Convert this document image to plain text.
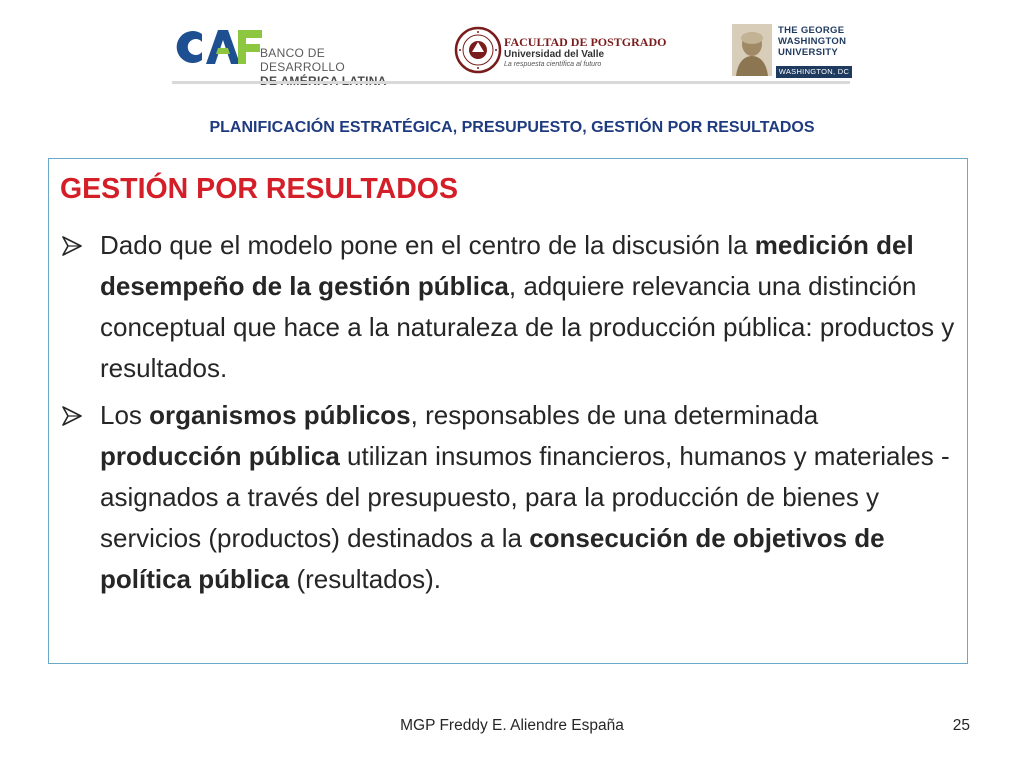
BANCO DE DESARROLLO
FACULTAD DE POSTGRADO
Universidad del Valle
La respuesta científica al futuro
THE GEORGE
WASHINGTON
UNIVERSITY
WASHINGTON, DC
PLANIFICACIÓN ESTRATÉGICA, PRESUPUESTO, GESTIÓN POR RESULTADOS
GESTIÓN POR RESULTADOS
Dado que el modelo pone en el centro de la discusión la medición del desempeño de la gestión pública, adquiere relevancia una distinción conceptual que hace a la naturaleza de la producción pública: productos y resultados.
Los organismos públicos, responsables de una determinada producción pública utilizan insumos financieros, humanos y materiales - asignados a través del presupuesto, para la producción de bienes y servicios (productos) destinados a la consecución de objetivos de política pública (resultados).
MGP Freddy E. Aliendre España	25
